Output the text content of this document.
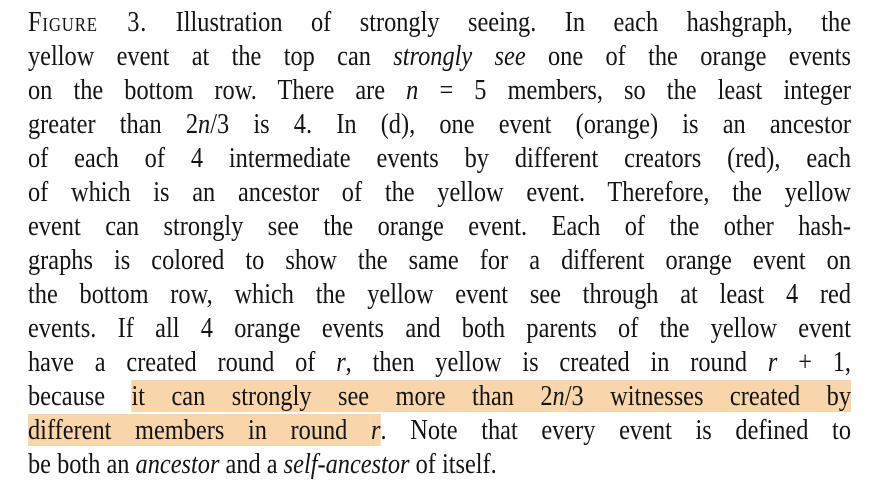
Figure 3. Illustration of strongly seeing. In each hashgraph, the
yellow event at the top can strongly see one of the orange events
on the bottom row. There are n = 5 members, so the least integer
greater than 2n/3 is 4. In (d), one event (orange) is an ancestor
of each of 4 intermediate events by different creators (red), each
of which is an ancestor of the yellow event. Therefore, the yellow
event can strongly see the orange event. Each of the other hash-
graphs is colored to show the same for a different orange event on
the bottom row, which the yellow event see through at least 4 red
events. If all 4 orange events and both parents of the yellow event
have a created round of r, then yellow is created in round r + 1,
because it can strongly see more than 2n/3 witnesses created by
different members in round r. Note that every event is defined to
be both an ancestor and a self-ancestor of itself.
